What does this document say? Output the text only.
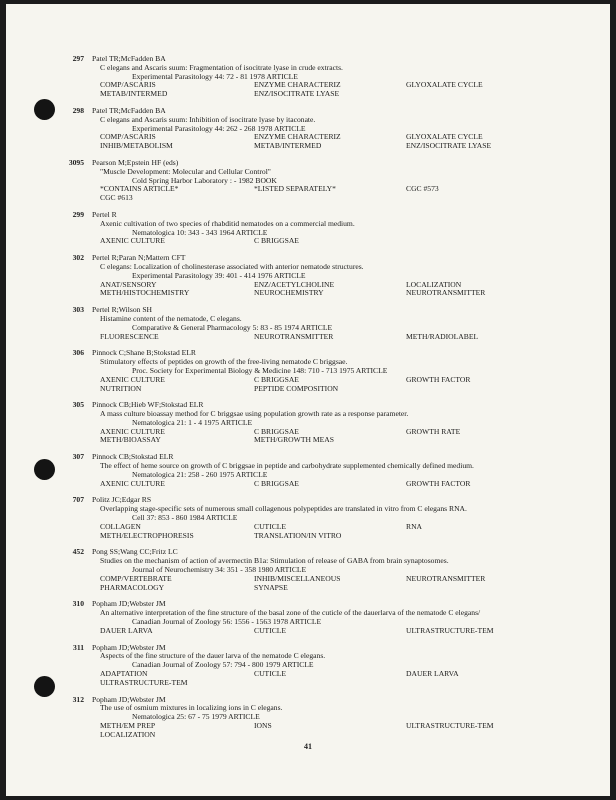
297 Patel TR;McFadden BA
C elegans and Ascaris suum: Fragmentation of isocitrate lyase in crude extracts.
Experimental Parasitology 44: 72 - 81 1978 ARTICLE
COMP/ASCARIS	ENZYME CHARACTERIZ	GLYOXALATE CYCLE
METAB/INTERMED	ENZ/ISOCITRATE LYASE
298 Patel TR;McFadden BA
C elegans and Ascaris suum: Inhibition of isocitrate lyase by itaconate.
Experimental Parasitology 44: 262 - 268 1978 ARTICLE
COMP/ASCARIS	ENZYME CHARACTERIZ	GLYOXALATE CYCLE
INHIB/METABOLISM	METAB/INTERMED	ENZ/ISOCITRATE LYASE
3095 Pearson M;Epstein HF (eds)
"Muscle Development: Molecular and Cellular Control"
Cold Spring Harbor Laboratory : - 1982 BOOK
*CONTAINS ARTICLE*	*LISTED SEPARATELY*	CGC #573
CGC #613
299 Pertel R
Axenic cultivation of two species of rhabditid nematodes on a commercial medium.
Nematologica 10: 343 - 343 1964 ARTICLE
AXENIC CULTURE	C BRIGGSAE
302 Pertel R;Paran N;Mattern CFT
C elegans: Localization of cholinesterase associated with anterior nematode structures.
Experimental Parasitology 39: 401 - 414 1976 ARTICLE
ANAT/SENSORY	ENZ/ACETYLCHOLINE	LOCALIZATION
METH/HISTOCHEMISTRY	NEUROCHEMISTRY	NEUROTRANSMITTER
303 Pertel R;Wilson SH
Histamine content of the nematode, C elegans.
Comparative & General Pharmacology 5: 83 - 85 1974 ARTICLE
FLUORESCENCE	NEUROTRANSMITTER	METH/RADIOLABEL
306 Pinnock C;Shane B;Stokstad ELR
Stimulatory effects of peptides on growth of the free-living nematode C briggsae.
Proc. Society for Experimental Biology & Medicine 148: 710 - 713 1975 ARTICLE
AXENIC CULTURE	C BRIGGSAE	GROWTH FACTOR
NUTRITION	PEPTIDE COMPOSITION
305 Pinnock CB;Hieb WF;Stokstad ELR
A mass culture bioassay method for C briggsae using population growth rate as a response parameter.
Nematologica 21: 1 - 4 1975 ARTICLE
AXENIC CULTURE	C BRIGGSAE	GROWTH RATE
METH/BIOASSAY	METH/GROWTH MEAS
307 Pinnock CB;Stokstad ELR
The effect of heme source on growth of C briggsae in peptide and carbohydrate supplemented chemically defined medium.
Nematologica 21: 258 - 260 1975 ARTICLE
AXENIC CULTURE	C BRIGGSAE	GROWTH FACTOR
707 Politz JC;Edgar RS
Overlapping stage-specific sets of numerous small collagenous polypeptides are translated in vitro from C elegans RNA.
Cell 37: 853 - 860 1984 ARTICLE
COLLAGEN	CUTICLE	RNA
METH/ELECTROPHORESIS	TRANSLATION/IN VITRO
452 Pong SS;Wang CC;Fritz LC
Studies on the mechanism of action of avermectin B1a: Stimulation of release of GABA from brain synaptosomes.
Journal of Neurochemistry 34: 351 - 358 1980 ARTICLE
COMP/VERTEBRATE	INHIB/MISCELLANEOUS	NEUROTRANSMITTER
PHARMACOLOGY	SYNAPSE
310 Popham JD;Webster JM
An alternative interpretation of the fine structure of the basal zone of the cuticle of the dauerlarva of the nematode C elegans/
Canadian Journal of Zoology 56: 1556 - 1563 1978 ARTICLE
DAUER LARVA	CUTICLE	ULTRASTRUCTURE-TEM
311 Popham JD;Webster JM
Aspects of the fine structure of the dauer larva of the nematode C elegans.
Canadian Journal of Zoology 57: 794 - 800 1979 ARTICLE
ADAPTATION	CUTICLE	DAUER LARVA
ULTRASTRUCTURE-TEM
312 Popham JD;Webster JM
The use of osmium mixtures in localizing ions in C elegans.
Nematologica 25: 67 - 75 1979 ARTICLE
METH/EM PREP	IONS	ULTRASTRUCTURE-TEM
LOCALIZATION
41
